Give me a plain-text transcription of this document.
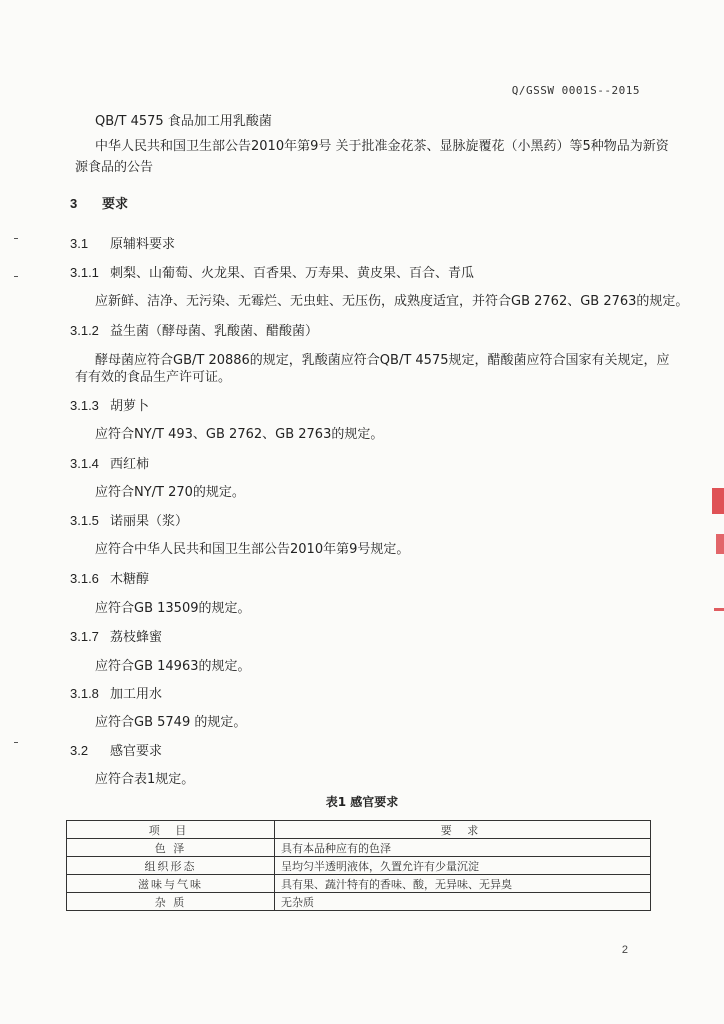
Q/GSSW 0001S--2015
QB/T 4575 食品加工用乳酸菌
中华人民共和国卫生部公告2010年第9号 关于批准金花茶、显脉旋覆花（小黑药）等5种物品为新资
源食品的公告
3 要求
3.1 原辅料要求
3.1.1 刺梨、山葡萄、火龙果、百香果、万寿果、黄皮果、百合、青瓜
应新鲜、洁净、无污染、无霉烂、无虫蛀、无压伤，成熟度适宜，并符合GB 2762、GB 2763的规定。
3.1.2 益生菌（酵母菌、乳酸菌、醋酸菌）
酵母菌应符合GB/T 20886的规定，乳酸菌应符合QB/T 4575规定，醋酸菌应符合国家有关规定，应
有有效的食品生产许可证。
3.1.3 胡萝卜
应符合NY/T 493、GB 2762、GB 2763的规定。
3.1.4 西红柿
应符合NY/T 270的规定。
3.1.5 诺丽果（浆）
应符合中华人民共和国卫生部公告2010年第9号规定。
3.1.6 木糖醇
应符合GB 13509的规定。
3.1.7 荔枝蜂蜜
应符合GB 14963的规定。
3.1.8 加工用水
应符合GB 5749 的规定。
3.2 感官要求
应符合表1规定。
表1 感官要求
项 目	要 求
色 泽	具有本品种应有的色泽
组织形态	呈均匀半透明液体，久置允许有少量沉淀
滋味与气味	具有果、蔬汁特有的香味、酸，无异味、无异臭
杂 质	无杂质
2
